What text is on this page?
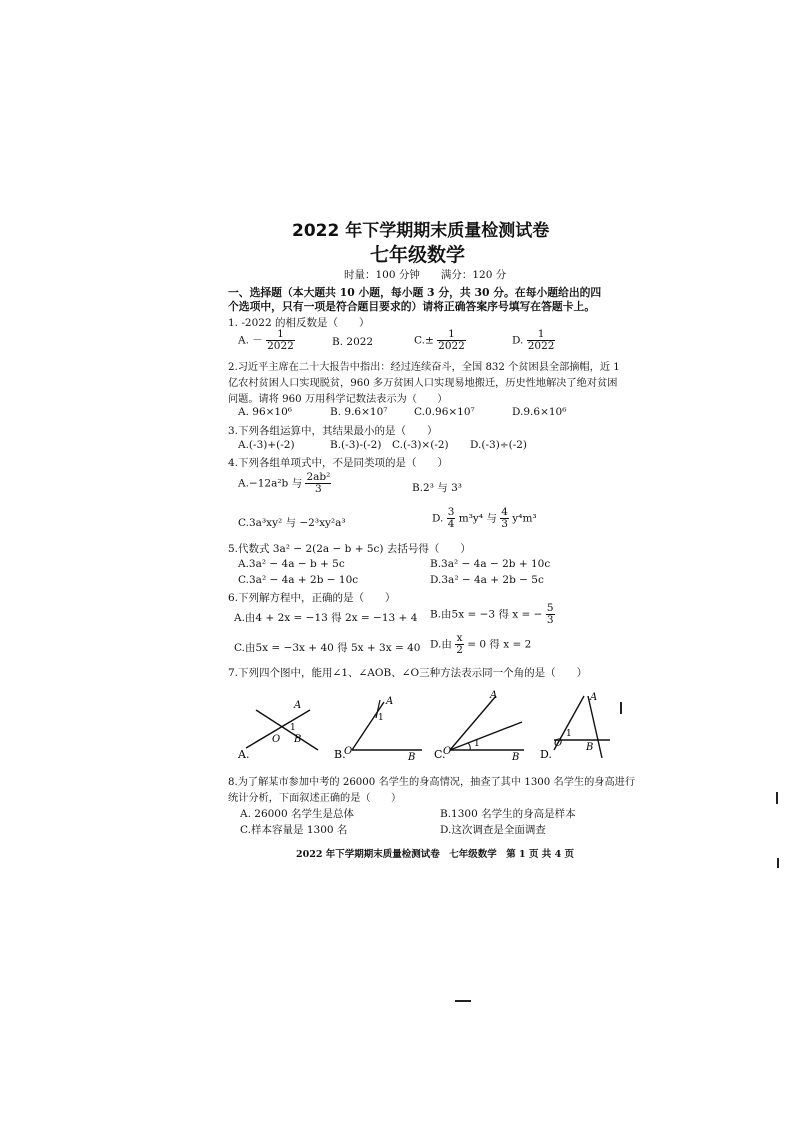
2022 年下学期期末质量检测试卷
七年级数学
时量：100 分钟　　满分：120 分
一、选择题（本大题共 10 小题，每小题 3 分，共 30 分。在每小题给出的四
个选项中，只有一项是符合题目要求的）请将正确答案序号填写在答题卡上。
1. -2022 的相反数是（　　）
A. － $\frac{1}{2022}$	B. 2022	$C.\pm \frac{1}{2022}$	D. $\frac{1}{2022}$
2.习近平主席在二十大报告中指出：经过连续奋斗，全国 832 个贫困县全部摘帽，近 1
亿农村贫困人口实现脱贫，960 多万贫困人口实现易地搬迁，历史性地解决了绝对贫困
问题。请将 960 万用科学记数法表示为（　　）
A. 96×10⁶	B. 9.6×10⁷	C.0.96×10⁷	D.9.6×10⁶
3.下列各组运算中，其结果最小的是（　　）
A.(-3)+(-2)	B.(-3)-(-2) C.(-3)×(-2) D.(-3)÷(-2)
4.下列各组单项式中，不是同类项的是（　　）
A.−12a²b 与 $\frac{\text{2ab²}}{3}$	B.2³ 与 3³
C.3a³xy² 与 −2³xy²a³	D. $\frac{3}{4} m^3y^4$ 与 $\frac{4}{3} y^4m^3$
5.代数式 3a² − 2(2a − b + 5c) 去括号得（　　）
A.3a² − 4a − b + 5c	B.3a² − 4a − 2b + 10c
C.3a² − 4a + 2b − 10c	D.3a² − 4a + 2b − 5c
6.下列解方程中，正确的是（　　）
A.由4 + 2x = −13 得 2x = −13 + 4 B.由5x = −3 得 x = − $\frac{5}{3}$
C.由5x = −3x + 40 得 5x + 3x = 40 D.由 $\frac{x}{2} = 0$ 得 x = 2
7.下列四个图中，能用∠1、∠AOB、∠O三种方法表示同一个角的是（　　）
A.
A
O
1
B
B.
O
A
1
B C.
O
A
1
B D.
O
A
1
B
8.为了解某市参加中考的 26000 名学生的身高情况，抽查了其中 1300 名学生的身高进行
统计分析，下面叙述正确的是（　　）
A. 26000 名学生是总体	B.1300 名学生的身高是样本
C.样本容量是 1300 名	D.这次调查是全面调查
2022 年下学期期末质量检测试卷　七年级数学　第 1 页 共 4 页
